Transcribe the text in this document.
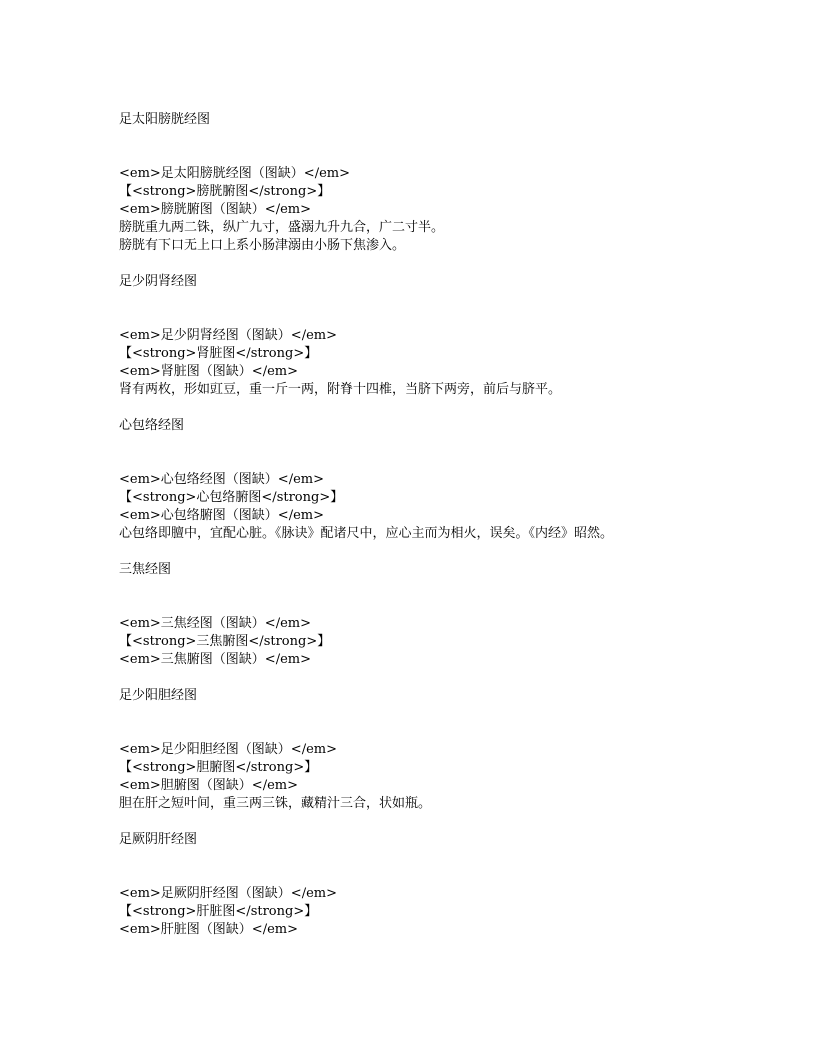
足太阳膀胱经图
<em>足太阳膀胱经图（图缺）</em>
【<strong>膀胱腑图</strong>】
<em>膀胱腑图（图缺）</em>
膀胱重九两二铢，纵广九寸，盛溺九升九合，广二寸半。
膀胱有下口无上口上系小肠津溺由小肠下焦渗入。
足少阴肾经图
<em>足少阴肾经图（图缺）</em>
【<strong>肾脏图</strong>】
<em>肾脏图（图缺）</em>
肾有两枚，形如豇豆，重一斤一两，附脊十四椎，当脐下两旁，前后与脐平。
心包络经图
<em>心包络经图（图缺）</em>
【<strong>心包络腑图</strong>】
<em>心包络腑图（图缺）</em>
心包络即膻中，宜配心脏。《脉诀》配诸尺中，应心主而为相火，误矣。《内经》昭然。
三焦经图
<em>三焦经图（图缺）</em>
【<strong>三焦腑图</strong>】
<em>三焦腑图（图缺）</em>
足少阳胆经图
<em>足少阳胆经图（图缺）</em>
【<strong>胆腑图</strong>】
<em>胆腑图（图缺）</em>
胆在肝之短叶间，重三两三铢，藏精汁三合，状如瓶。
足厥阴肝经图
<em>足厥阴肝经图（图缺）</em>
【<strong>肝脏图</strong>】
<em>肝脏图（图缺）</em>
